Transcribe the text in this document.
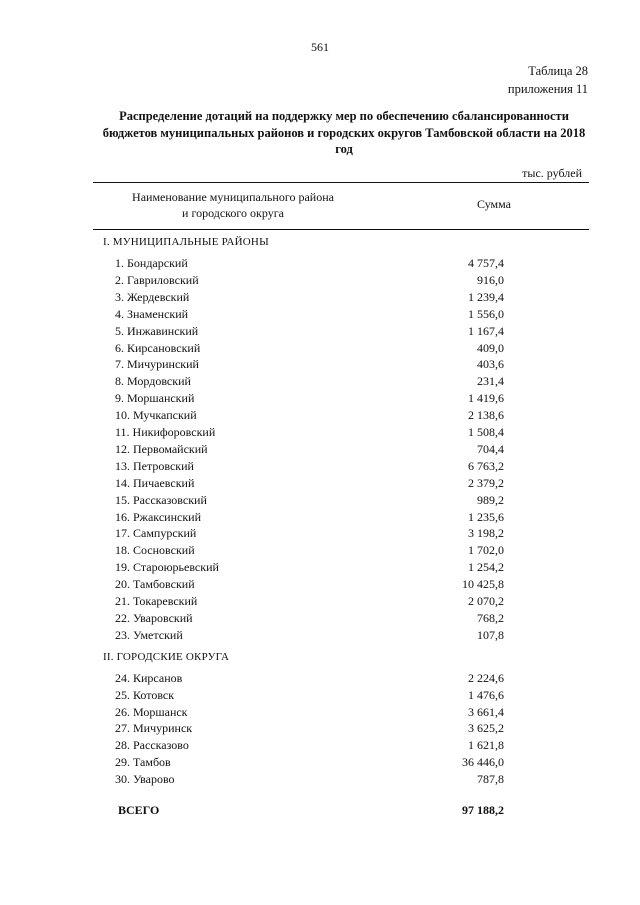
561
Таблица 28
приложения 11
Распределение дотаций на поддержку мер по обеспечению сбалансированности бюджетов муниципальных районов и городских округов Тамбовской области на 2018 год
тыс. рублей
Наименование муниципального района
и городского округа
Сумма
I. МУНИЦИПАЛЬНЫЕ РАЙОНЫ
1. Бондарский	4 757,4
2. Гавриловский	916,0
3. Жердевский	1 239,4
4. Знаменский	1 556,0
5. Инжавинский	1 167,4
6. Кирсановский	409,0
7. Мичуринский	403,6
8. Мордовский	231,4
9. Моршанский	1 419,6
10. Мучкапский	2 138,6
11. Никифоровский	1 508,4
12. Первомайский	704,4
13. Петровский	6 763,2
14. Пичаевский	2 379,2
15. Рассказовский	989,2
16. Ржаксинский	1 235,6
17. Сампурский	3 198,2
18. Сосновский	1 702,0
19. Староюрьевский	1 254,2
20. Тамбовский	10 425,8
21. Токаревский	2 070,2
22. Уваровский	768,2
23. Уметский	107,8
II. ГОРОДСКИЕ ОКРУГА
24. Кирсанов	2 224,6
25. Котовск	1 476,6
26. Моршанск	3 661,4
27. Мичуринск	3 625,2
28. Рассказово	1 621,8
29. Тамбов	36 446,0
30. Уварово	787,8
ВСЕГО	97 188,2
